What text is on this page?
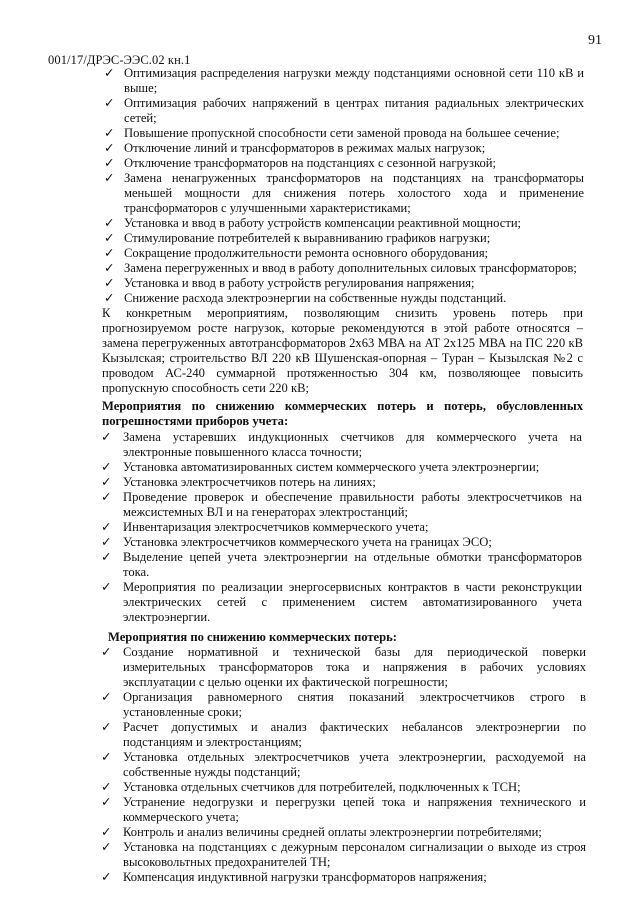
91
001/17/ДРЭС-ЭЭС.02 кн.1
✓ Оптимизация распределения нагрузки между подстанциями основной сети 110 кВ и выше;
✓ Оптимизация рабочих напряжений в центрах питания радиальных электрических сетей;
✓ Повышение пропускной способности сети заменой провода на большее сечение;
✓ Отключение линий и трансформаторов в режимах малых нагрузок;
✓ Отключение трансформаторов на подстанциях с сезонной нагрузкой;
✓ Замена ненагруженных трансформаторов на подстанциях на трансформаторы меньшей мощности для снижения потерь холостого хода и применение трансформаторов с улучшенными характеристиками;
✓ Установка и ввод в работу устройств компенсации реактивной мощности;
✓ Стимулирование потребителей к выравниванию графиков нагрузки;
✓ Сокращение продолжительности ремонта основного оборудования;
✓ Замена перегруженных и ввод в работу дополнительных силовых трансформаторов;
✓ Установка и ввод в работу устройств регулирования напряжения;
✓ Снижение расхода электроэнергии на собственные нужды подстанций.
К конкретным мероприятиям, позволяющим снизить уровень потерь при прогнозируемом росте нагрузок, которые рекомендуются в этой работе относятся – замена перегруженных автотрансформаторов 2х63 МВА на АТ 2х125 МВА на ПС 220 кВ Кызылская; строительство ВЛ 220 кВ Шушенская-опорная – Туран – Кызылская №2 с проводом АС-240 суммарной протяженностью 304 км, позволяющее повысить пропускную способность сети 220 кВ;
Мероприятия по снижению коммерческих потерь и потерь, обусловленных погрешностями приборов учета:
✓ Замена устаревших индукционных счетчиков для коммерческого учета на электронные повышенного класса точности;
✓ Установка автоматизированных систем коммерческого учета электроэнергии;
✓ Установка электросчетчиков потерь на линиях;
✓ Проведение проверок и обеспечение правильности работы электросчетчиков на межсистемных ВЛ и на генераторах электростанций;
✓ Инвентаризация электросчетчиков коммерческого учета;
✓ Установка электросчетчиков коммерческого учета на границах ЭСО;
✓ Выделение цепей учета электроэнергии на отдельные обмотки трансформаторов тока.
✓ Мероприятия по реализации энергосервисных контрактов в части реконструкции электрических сетей с применением систем автоматизированного учета электроэнергии.
Мероприятия по снижению коммерческих потерь:
✓ Создание нормативной и технической базы для периодической поверки измерительных трансформаторов тока и напряжения в рабочих условиях эксплуатации с целью оценки их фактической погрешности;
✓ Организация равномерного снятия показаний электросчетчиков строго в установленные сроки;
✓ Расчет допустимых и анализ фактических небалансов электроэнергии по подстанциям и электростанциям;
✓ Установка отдельных электросчетчиков учета электроэнергии, расходуемой на собственные нужды подстанций;
✓ Установка отдельных счетчиков для потребителей, подключенных к ТСН;
✓ Устранение недогрузки и перегрузки цепей тока и напряжения технического и коммерческого учета;
✓ Контроль и анализ величины средней оплаты электроэнергии потребителями;
✓ Установка на подстанциях с дежурным персоналом сигнализации о выходе из строя высоковольтных предохранителей ТН;
✓ Компенсация индуктивной нагрузки трансформаторов напряжения;
